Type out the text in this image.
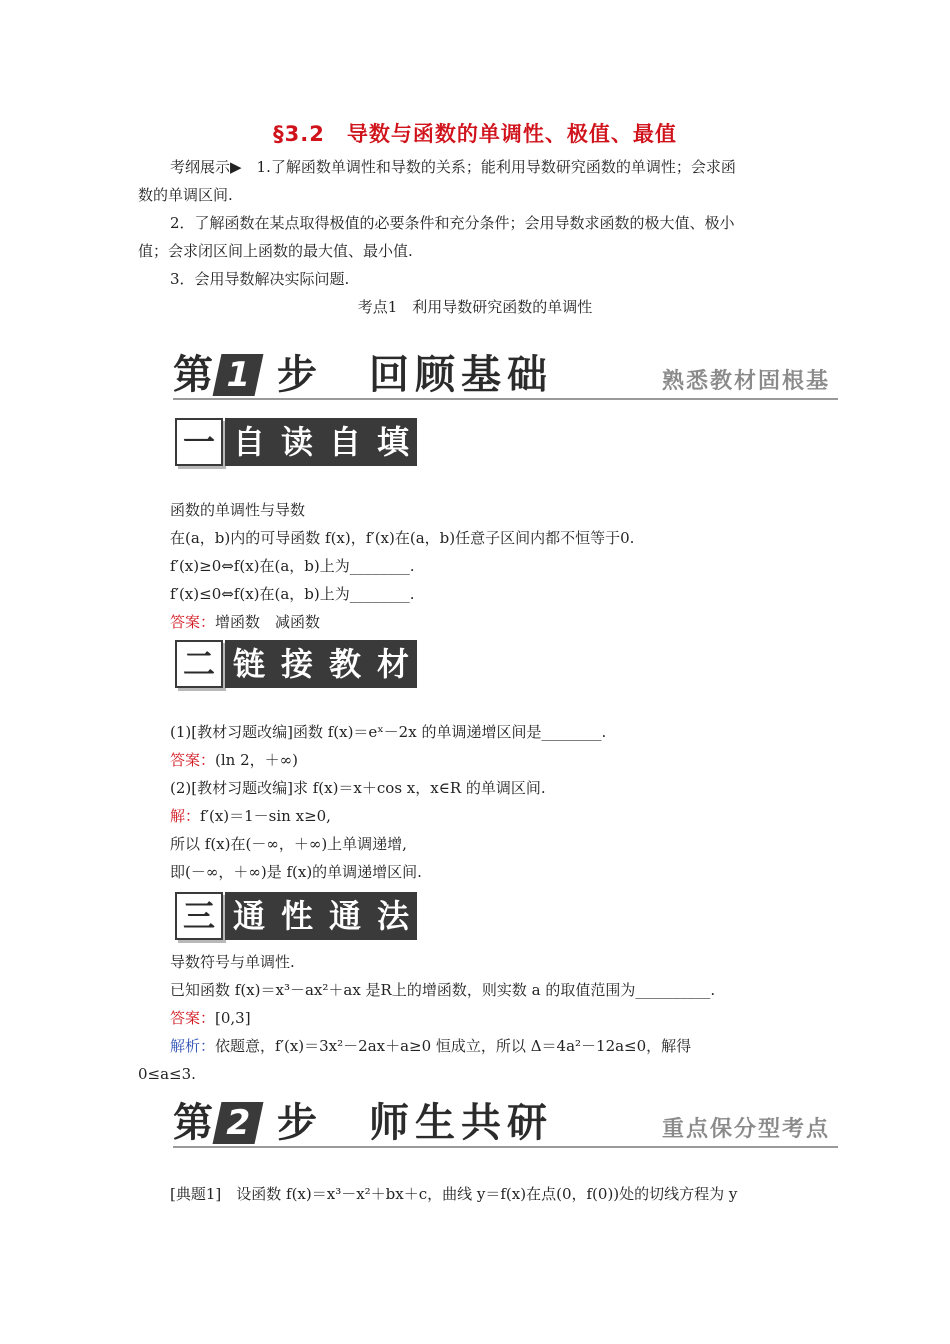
§3.2　导数与函数的单调性、极值、最值
考纲展示▶　1.了解函数单调性和导数的关系；能利用导数研究函数的单调性；会求函
数的单调区间.
2．了解函数在某点取得极值的必要条件和充分条件；会用导数求函数的极大值、极小
值；会求闭区间上函数的最大值、最小值.
3．会用导数解决实际问题.
考点1　利用导数研究函数的单调性
第 1 步 回顾基础	熟悉教材固根基
一 自 读 自 填
函数的单调性与导数
在(a，b)内的可导函数 f(x)，f′(x)在(a，b)任意子区间内都不恒等于0.
f′(x)≥0⇔f(x)在(a，b)上为________.
f′(x)≤0⇔f(x)在(a，b)上为________.
答案：增函数　减函数
二 链 接 教 材
(1)[教材习题改编]函数 f(x)＝eˣ－2x 的单调递增区间是________.
答案：(ln 2，＋∞)
(2)[教材习题改编]求 f(x)＝x＋cos x，x∈R 的单调区间.
解：f′(x)＝1－sin x≥0,
所以 f(x)在(－∞，＋∞)上单调递增,
即(－∞，＋∞)是 f(x)的单调递增区间.
三 通 性 通 法
导数符号与单调性.
已知函数 f(x)＝x³－ax²＋ax 是R上的增函数，则实数 a 的取值范围为__________.
答案：[0,3]
解析：依题意，f′(x)＝3x²－2ax＋a≥0 恒成立，所以 Δ＝4a²－12a≤0，解得
0≤a≤3.
第 2 步 师生共研	重点保分型考点
[典题1]　设函数 f(x)＝x³－x²＋bx＋c，曲线 y＝f(x)在点(0，f(0))处的切线方程为 y
